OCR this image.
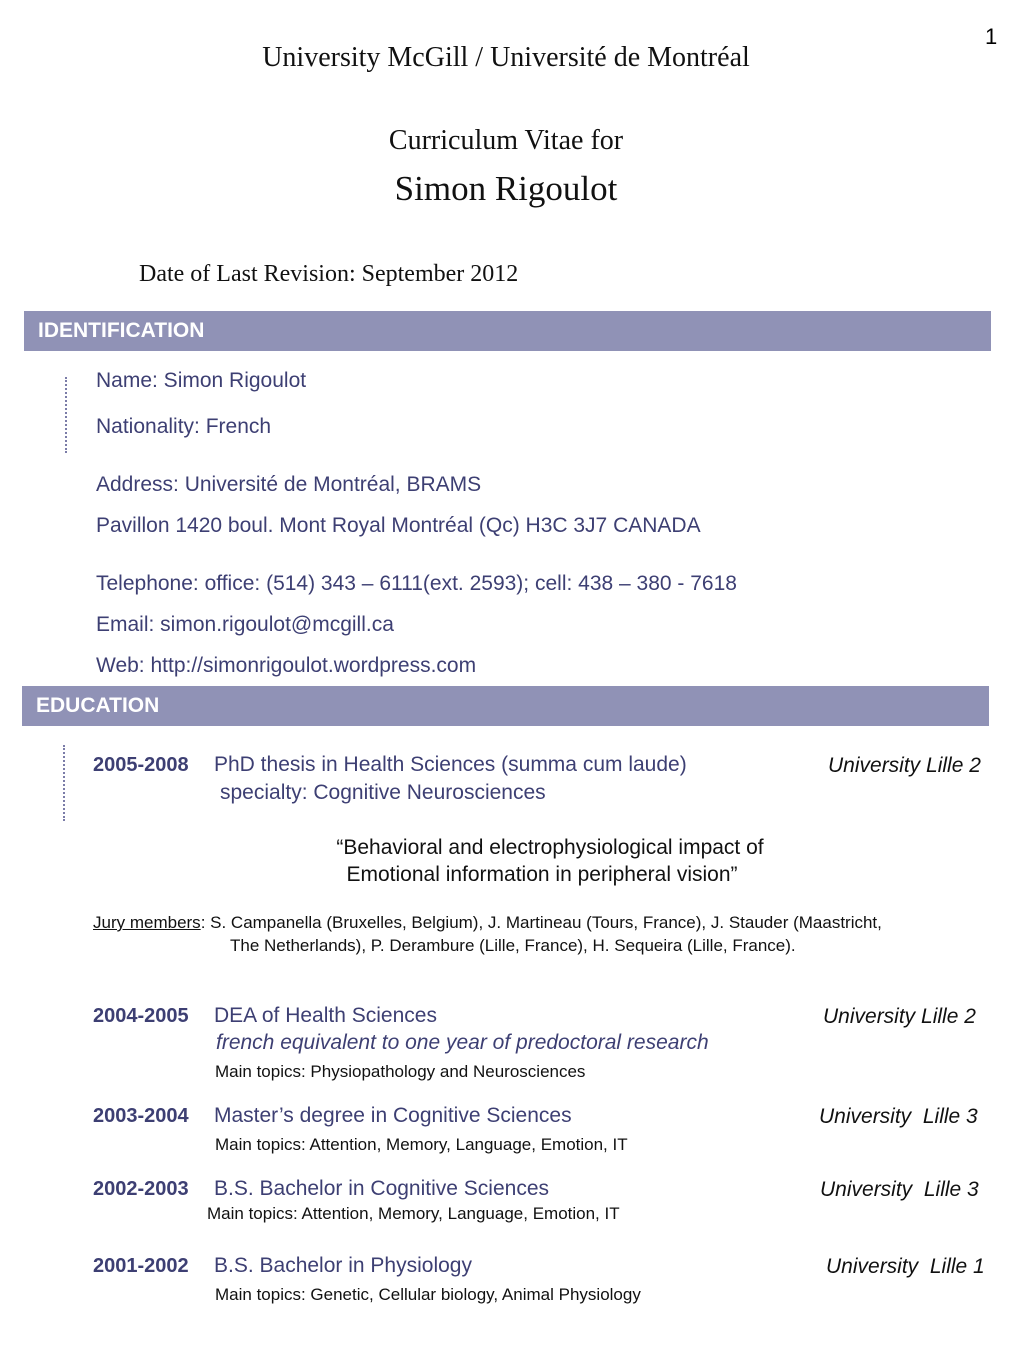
1
University McGill / Université de Montréal
Curriculum Vitae for
Simon Rigoulot
Date of Last Revision: September 2012
IDENTIFICATION
Name: Simon Rigoulot
Nationality: French
Address: Université de Montréal, BRAMS
Pavillon 1420 boul. Mont Royal Montréal (Qc) H3C 3J7 CANADA
Telephone: office: (514) 343 – 6111(ext. 2593); cell: 438 – 380 - 7618
Email: simon.rigoulot@mcgill.ca
Web: http://simonrigoulot.wordpress.com
EDUCATION
2005-2008 PhD thesis in Health Sciences (summa cum laude)	University Lille 2
specialty: Cognitive Neurosciences
“Behavioral and electrophysiological impact of
Emotional information in peripheral vision”
Jury members: S. Campanella (Bruxelles, Belgium), J. Martineau (Tours, France), J. Stauder (Maastricht,
The Netherlands), P. Derambure (Lille, France), H. Sequeira (Lille, France).
2004-2005 DEA of Health Sciences	University Lille 2
french equivalent to one year of predoctoral research
Main topics: Physiopathology and Neurosciences
2003-2004 Master’s degree in Cognitive Sciences	University  Lille 3
Main topics: Attention, Memory, Language, Emotion, IT
2002-2003 B.S. Bachelor in Cognitive Sciences	University  Lille 3
Main topics: Attention, Memory, Language, Emotion, IT
2001-2002 B.S. Bachelor in Physiology	University  Lille 1
Main topics: Genetic, Cellular biology, Animal Physiology
